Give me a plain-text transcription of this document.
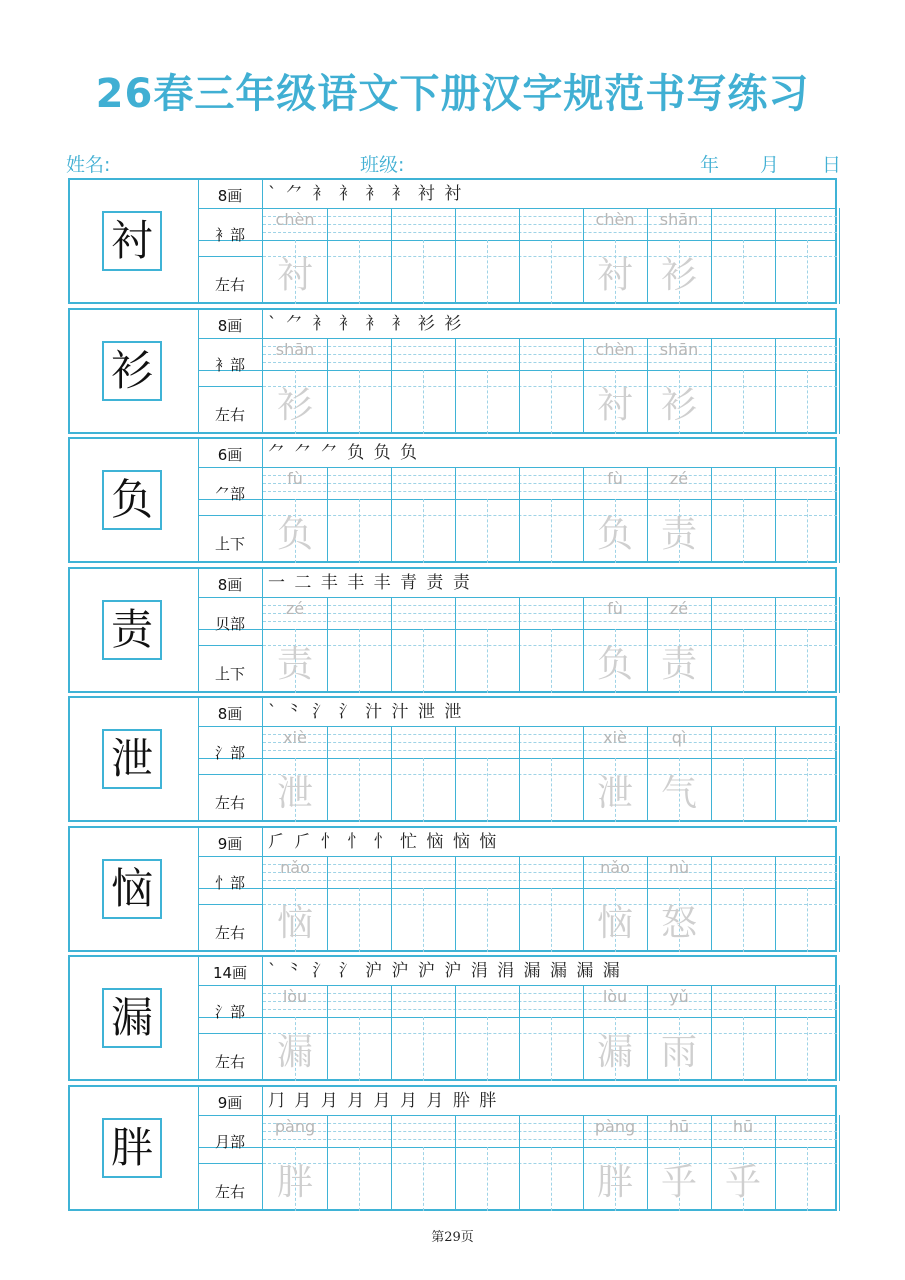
26春三年级语文下册汉字规范书写练习
姓名:	班级:	年 月 日
衬
8画
衤部
左右
` ⺈ 衤 衤 衤 衤 衬 衬
chèn
衬
chèn
衬
shān
衫
衫
8画
衤部
左右
` ⺈ 衤 衤 衤 衤 衫 衫
shān
衫
chèn
衬
shān
衫
负
6画
⺈部
上下
⺈ ⺈ ⺈ 负 负 负
fù
负
fù
负
zé
责
责
8画
贝部
上下
一 二 丰 丰 丰 青 责 责
zé
责
fù
负
zé
责
泄
8画
氵部
左右
` ⺀ 氵 氵 汁 汁 泄 泄
xiè
泄
xiè
泄
qì
气
恼
9画
忄部
左右
⺁ ⺁ 忄 忄 忄 忙 恼 恼 恼
nǎo
恼
nǎo
恼
nù
怒
漏
14画
氵部
左右
` ⺀ 氵 氵 沪 沪 沪 沪 涓 涓 漏 漏 漏 漏
lòu
漏
lòu
漏
yǔ
雨
胖
9画
月部
左右
⺆ 月 月 月 月 月 月 肸 胖
pàng
胖
pàng
胖
hū
乎
hū
乎
第29页
